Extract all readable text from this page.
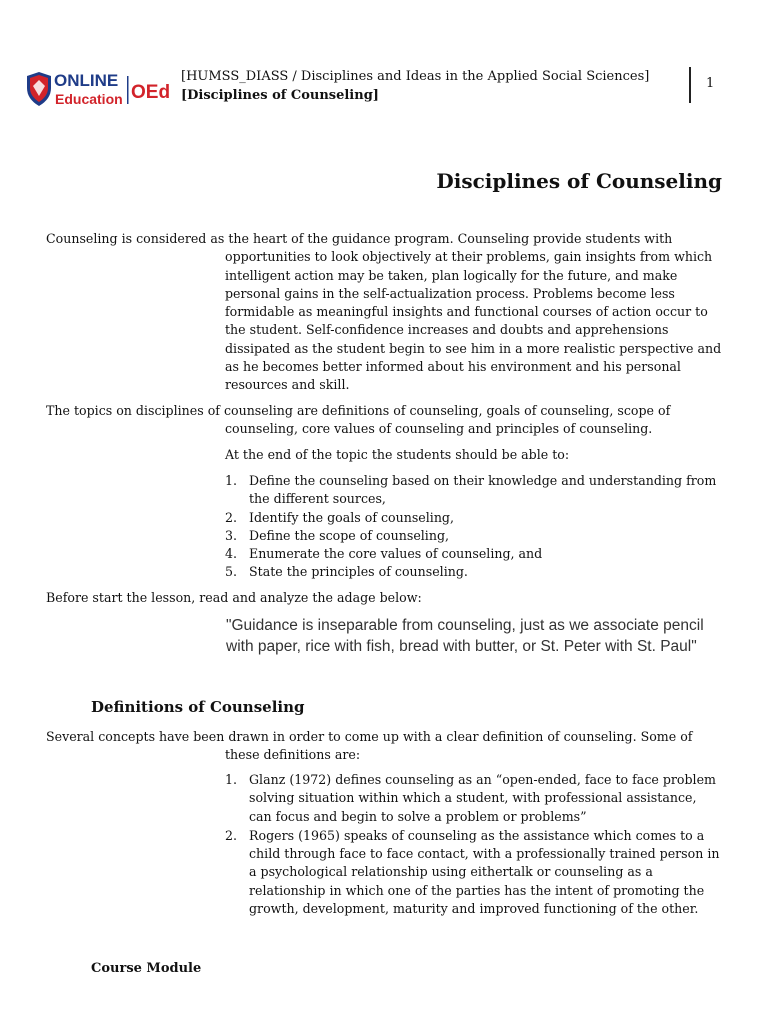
ONLINE
Education OEd
[HUMSS_DIASS / Disciplines and Ideas in the Applied Social Sciences]
[Disciplines of Counseling]
1
Disciplines of Counseling

Counseling is considered as the heart of the guidance program. Counseling provide students with
opportunities to look objectively at their problems, gain insights from which intelligent action may be taken, plan logically for the future, and make personal gains in the self-actualization process. Problems become less formidable as meaningful insights and functional courses of action occur to the student. Self-confidence increases and doubts and apprehensions dissipated as the student begin to see him in a more realistic perspective and as he becomes better informed about his environment and his personal resources and skill.

The topics on disciplines of counseling are definitions of counseling, goals of counseling, scope of
counseling, core values of counseling and principles of counseling.

At the end of the topic the students should be able to:
1. Define the counseling based on their knowledge and understanding from the different sources,
2. Identify the goals of counseling,
3. Define the scope of counseling,
4. Enumerate the core values of counseling, and
5. State the principles of counseling.
Before start the lesson, read and analyze the adage below:

"Guidance is inseparable from counseling, just as we associate pencil with paper, rice with fish, bread with butter, or St. Peter with St. Paul"

Definitions of Counseling

Several concepts have been drawn in order to come up with a clear definition of counseling. Some of
these definitions are:

1. Glanz (1972) defines counseling as an “open-ended, face to face problem solving situation within which a student, with professional assistance, can focus and begin to solve a problem or problems”
2. Rogers (1965) speaks of counseling as the assistance which comes to a child through face to face contact, with a professionally trained person in a psychological relationship using eithertalk or counseling as a relationship in which one of the parties has the intent of promoting the growth, development, maturity and improved functioning of the other.
Course Module
